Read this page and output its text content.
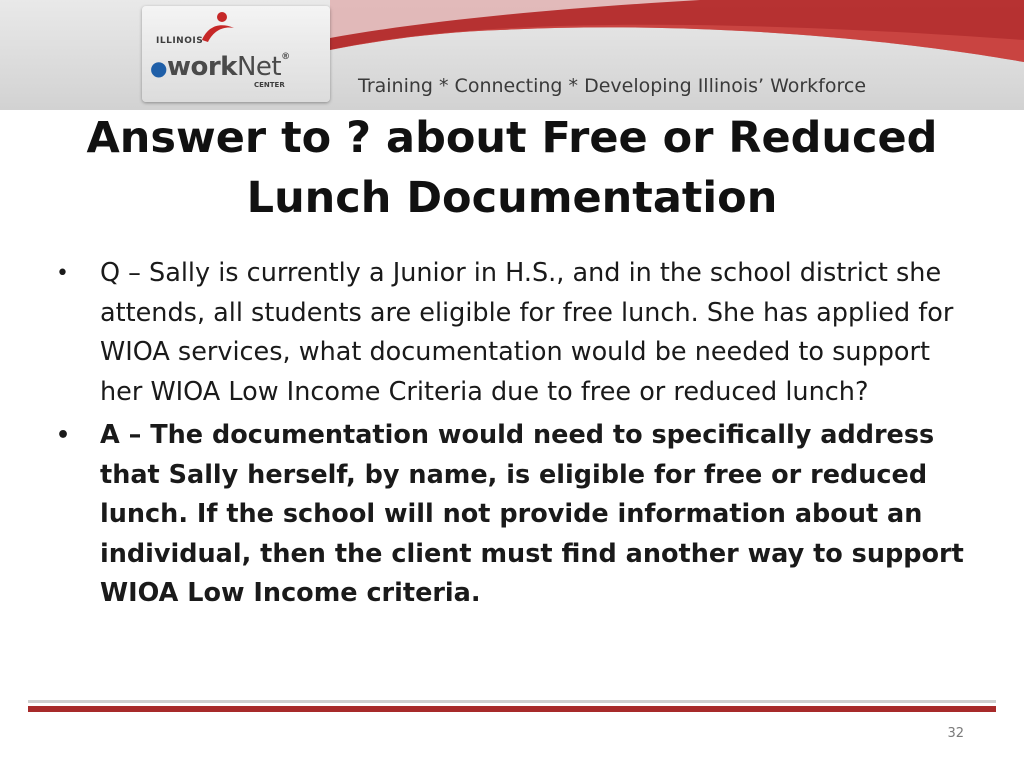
ILLINOIS
●workNet®
CENTER	Training * Connecting * Developing Illinois’ Workforce
Answer to ? about Free or Reduced Lunch Documentation
• Q – Sally is currently a Junior in H.S., and in the school district she attends, all students are eligible for free lunch. She has applied for WIOA services, what documentation would be needed to support her WIOA Low Income Criteria due to free or reduced lunch?
• A – The documentation would need to specifically address that Sally herself, by name, is eligible for free or reduced lunch. If the school will not provide information about an individual, then the client must find another way to support WIOA Low Income criteria.
32
